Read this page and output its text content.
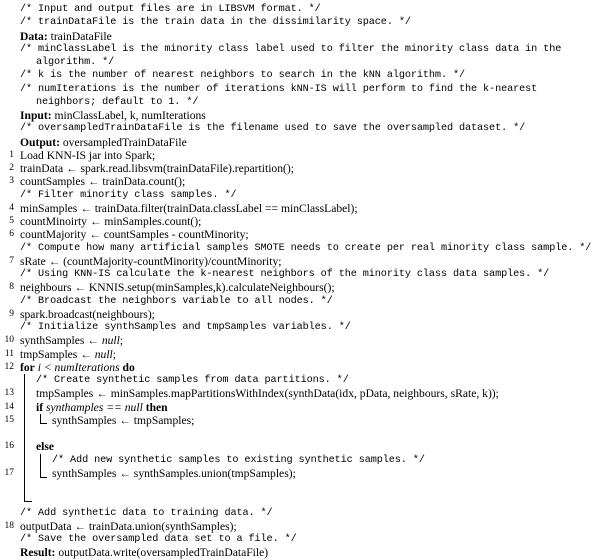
/* Input and output files are in LIBSVM format. */
/* trainDataFile is the train data in the dissimilarity space. */
Data: trainDataFile
/* minClassLabel is the minority class label used to filter the minority class data in the
algorithm. */
/* k is the number of nearest neighbors to search in the kNN algorithm. */
/* numIterations is the number of iterations kNN-IS will perform to find the k-nearest
neighbors; default to 1. */
Input: minClassLabel, k, numIterations
/* oversampledTrainDataFile is the filename used to save the oversampled dataset. */
Output: oversampledTrainDataFile
1 Load KNN-IS jar into Spark;
2 trainData ← spark.read.libsvm(trainDataFile).repartition();
3 countSamples ← trainData.count();
/* Filter minority class samples. */
4 minSamples ← trainData.filter(trainData.classLabel == minClassLabel);
5 countMinoirty ← minSamples.count();
6 countMajority ← countSamples - countMinority;
/* Compute how many artificial samples SMOTE needs to create per real minority class sample. */
7 sRate ← (countMajority-countMinority)/countMinority;
/* Using KNN-IS calculate the k-nearest neighbors of the minority class data samples. */
8 neighbours ← KNNIS.setup(minSamples,k).calculateNeighbours();
/* Broadcast the neighbors variable to all nodes. */
9 spark.broadcast(neighbours);
/* Initialize synthSamples and tmpSamples variables. */
10 synthSamples ← null;
11 tmpSamples ← null;
12 for i < numIterations do
/* Create synthetic samples from data partitions. */
13 tmpSamples ← minSamples.mapPartitionsWithIndex(synthData(idx, pData, neighbours, sRate, k));
14 if synthamples == null then
15	synthSamples ← tmpSamples;
16 else
/* Add new synthetic samples to existing synthetic samples. */
17	synthSamples ← synthSamples.union(tmpSamples);
/* Add synthetic data to training data. */
18 outputData ← trainData.union(synthSamples);
/* Save the oversampled data set to a file. */
Result: outputData.write(oversampledTrainDataFile)
